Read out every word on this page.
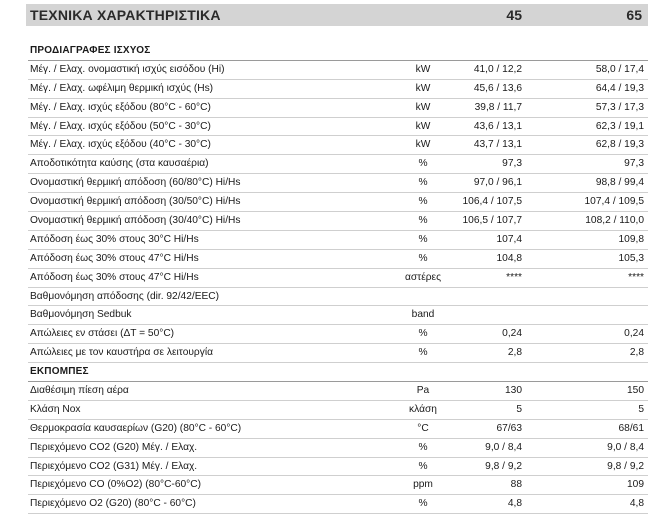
ΤΕΧΝΙΚΑ ΧΑΡΑΚΤΗΡΙΣΤΙΚΑ	45	65
ΠΡΟΔΙΑΓΡΑΦΕΣ ΙΣΧΥΟΣ
Μέγ. / Ελαχ. ονομαστική ισχύς εισόδου (Hi)	kW	41,0 / 12,2	58,0 / 17,4
Μέγ. / Ελαχ. ωφέλιμη θερμική ισχύς (Hs)	kW	45,6 / 13,6	64,4 / 19,3
Μέγ. / Ελαχ. ισχύς εξόδου (80°C - 60°C)	kW	39,8 / 11,7	57,3 / 17,3
Μέγ. / Ελαχ. ισχύς εξόδου (50°C - 30°C)	kW	43,6 / 13,1	62,3 / 19,1
Μέγ. / Ελαχ. ισχύς εξόδου (40°C - 30°C)	kW	43,7 / 13,1	62,8 / 19,3
Αποδοτικότητα καύσης (στα καυσαέρια)	%	97,3	97,3
Ονομαστική θερμική απόδοση (60/80°C) Hi/Hs	%	97,0 / 96,1	98,8 / 99,4
Ονομαστική θερμική απόδοση (30/50°C) Hi/Hs	%	106,4 / 107,5	107,4 / 109,5
Ονομαστική θερμική απόδοση (30/40°C) Hi/Hs	%	106,5 / 107,7	108,2 / 110,0
Απόδοση έως 30% στους 30°C Hi/Hs	%	107,4	109,8
Απόδοση έως 30% στους 47°C Hi/Hs	%	104,8	105,3
Απόδοση έως 30% στους 47°C Hi/Hs	αστέρες	****	****
Βαθμονόμηση απόδοσης (dir. 92/42/EEC)
Βαθμονόμηση Sedbuk	band
Απώλειες εν στάσει (ΔT = 50°C)	%	0,24	0,24
Απώλειες με τον καυστήρα σε λειτουργία	%	2,8	2,8
ΕΚΠΟΜΠΕΣ
Διαθέσιμη πίεση αέρα	Pa	130	150
Κλάση Nox	κλάση	5	5
Θερμοκρασία καυσαερίων (G20) (80°C - 60°C)	°C	67/63	68/61
Περιεχόμενο CO2 (G20) Μέγ. / Ελαχ.	%	9,0 / 8,4	9,0 / 8,4
Περιεχόμενο CO2 (G31) Μέγ. / Ελαχ.	%	9,8 / 9,2	9,8 / 9,2
Περιεχόμενο CO (0%O2) (80°C-60°C)	ppm	88	109
Περιεχόμενο O2 (G20) (80°C - 60°C)	%	4,8	4,8
